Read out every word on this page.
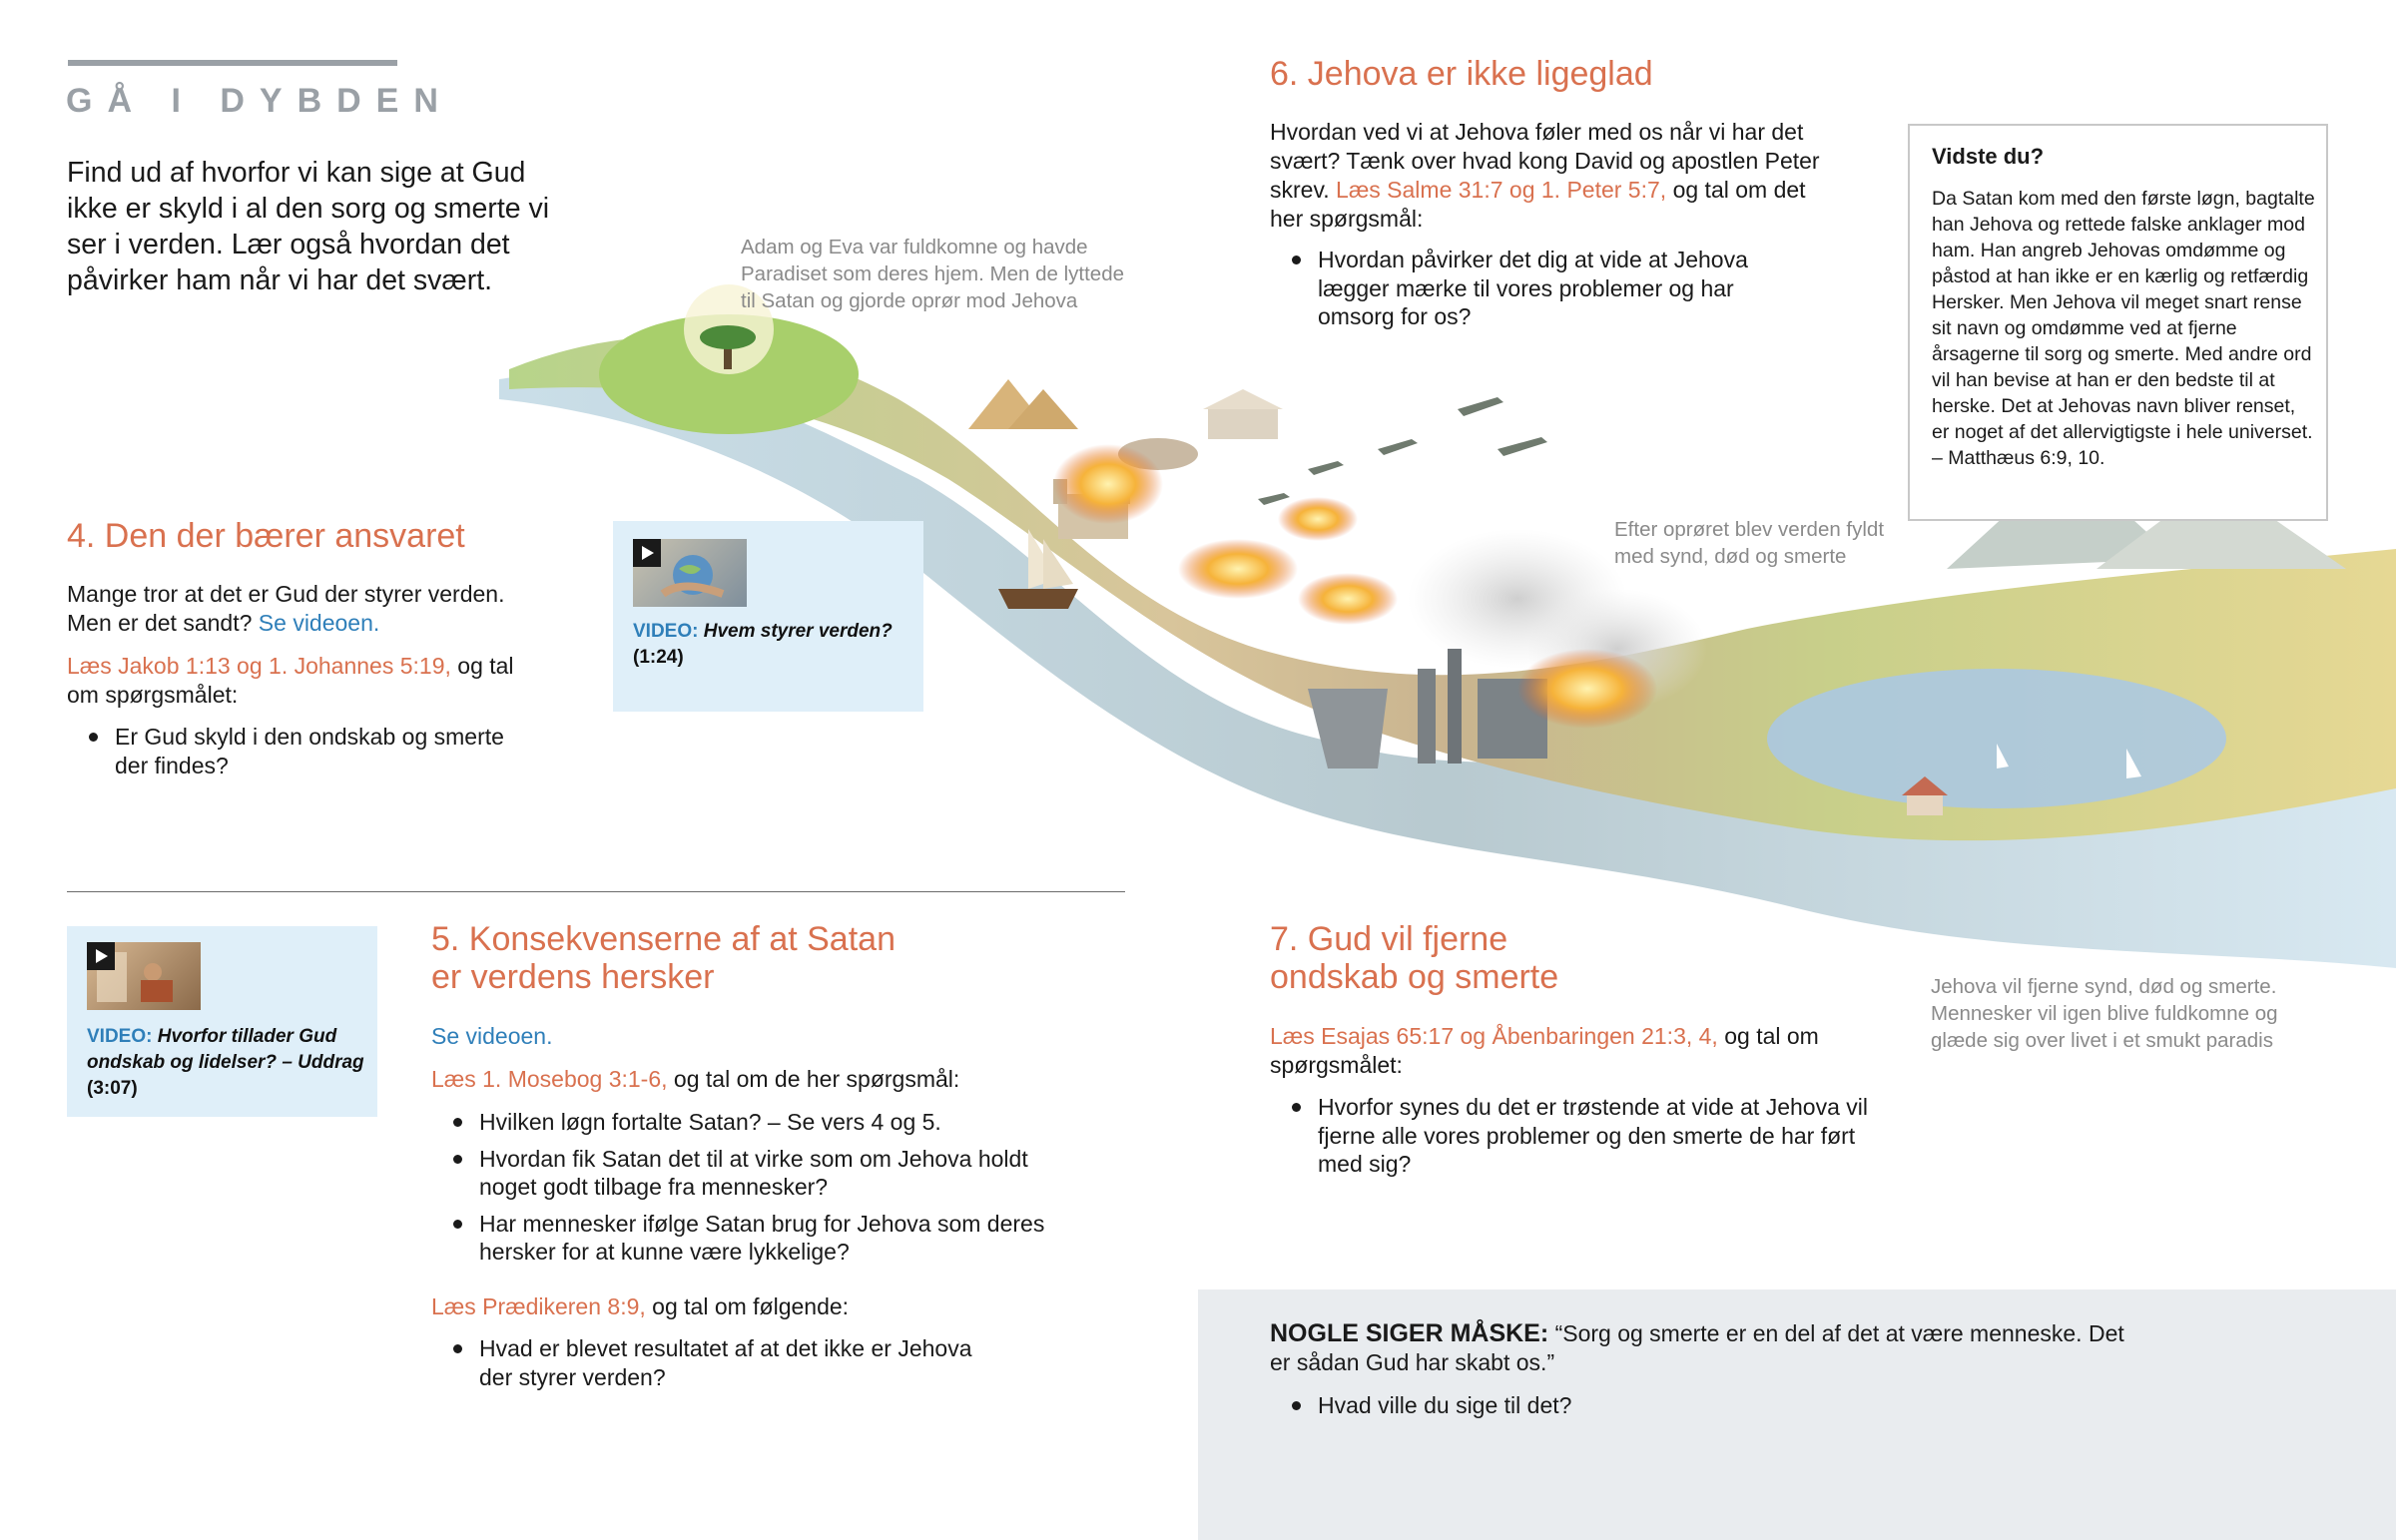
GÅ I DYBDEN
Find ud af hvorfor vi kan sige at Gud ikke er skyld i al den sorg og smerte vi ser i verden. Lær også hvordan det påvirker ham når vi har det svært.
Adam og Eva var fuldkomne og havde Paradiset som deres hjem. Men de lyttede til Satan og gjorde oprør mod Jehova
Efter oprøret blev verden fyldt med synd, død og smerte
Jehova vil fjerne synd, død og smerte. Mennesker vil igen blive fuldkomne og glæde sig over livet i et smukt paradis
4. Den der bærer ansvaret
Mange tror at det er Gud der styrer verden. Men er det sandt? Se videoen.
Læs Jakob 1:13 og 1. Johannes 5:19, og tal om spørgsmålet:
Er Gud skyld i den ondskab og smerte der findes?
VIDEO: Hvem styrer verden?
(1:24)
VIDEO: Hvorfor tillader Gud ondskab og lidelser? – Uddrag
(3:07)
5. Konsekvenserne af at Satan
er verdens hersker
Se videoen.
Læs 1. Mosebog 3:1-6, og tal om de her spørgsmål:
Hvilken løgn fortalte Satan? – Se vers 4 og 5.
Hvordan fik Satan det til at virke som om Jehova holdt noget godt tilbage fra mennesker?
Har mennesker ifølge Satan brug for Jehova som deres hersker for at kunne være lykkelige?
Læs Prædikeren 8:9, og tal om følgende:
Hvad er blevet resultatet af at det ikke er Jehova der styrer verden?
6. Jehova er ikke ligeglad
Hvordan ved vi at Jehova føler med os når vi har det svært? Tænk over hvad kong David og apostlen Peter skrev. Læs Salme 31:7 og 1. Peter 5:7, og tal om det her spørgsmål:
Hvordan påvirker det dig at vide at Jehova lægger mærke til vores problemer og har omsorg for os?
Vidste du?
Da Satan kom med den første løgn, bagtalte han Jehova og rettede falske anklager mod ham. Han angreb Jehovas omdømme og påstod at han ikke er en kærlig og retfærdig Hersker. Men Jehova vil meget snart rense sit navn og omdømme ved at fjerne årsagerne til sorg og smerte. Med andre ord vil han bevise at han er den bedste til at herske. Det at Jehovas navn bliver renset, er noget af det allervigtigste i hele universet.
– Matthæus 6:9, 10.
7. Gud vil fjerne
ondskab og smerte
Læs Esajas 65:17 og Åbenbaringen 21:3, 4, og tal om spørgsmålet:
Hvorfor synes du det er trøstende at vide at Jehova vil fjerne alle vores problemer og den smerte de har ført med sig?
NOGLE SIGER MÅSKE: “Sorg og smerte er en del af det at være menneske. Det er sådan Gud har skabt os.”
Hvad ville du sige til det?
